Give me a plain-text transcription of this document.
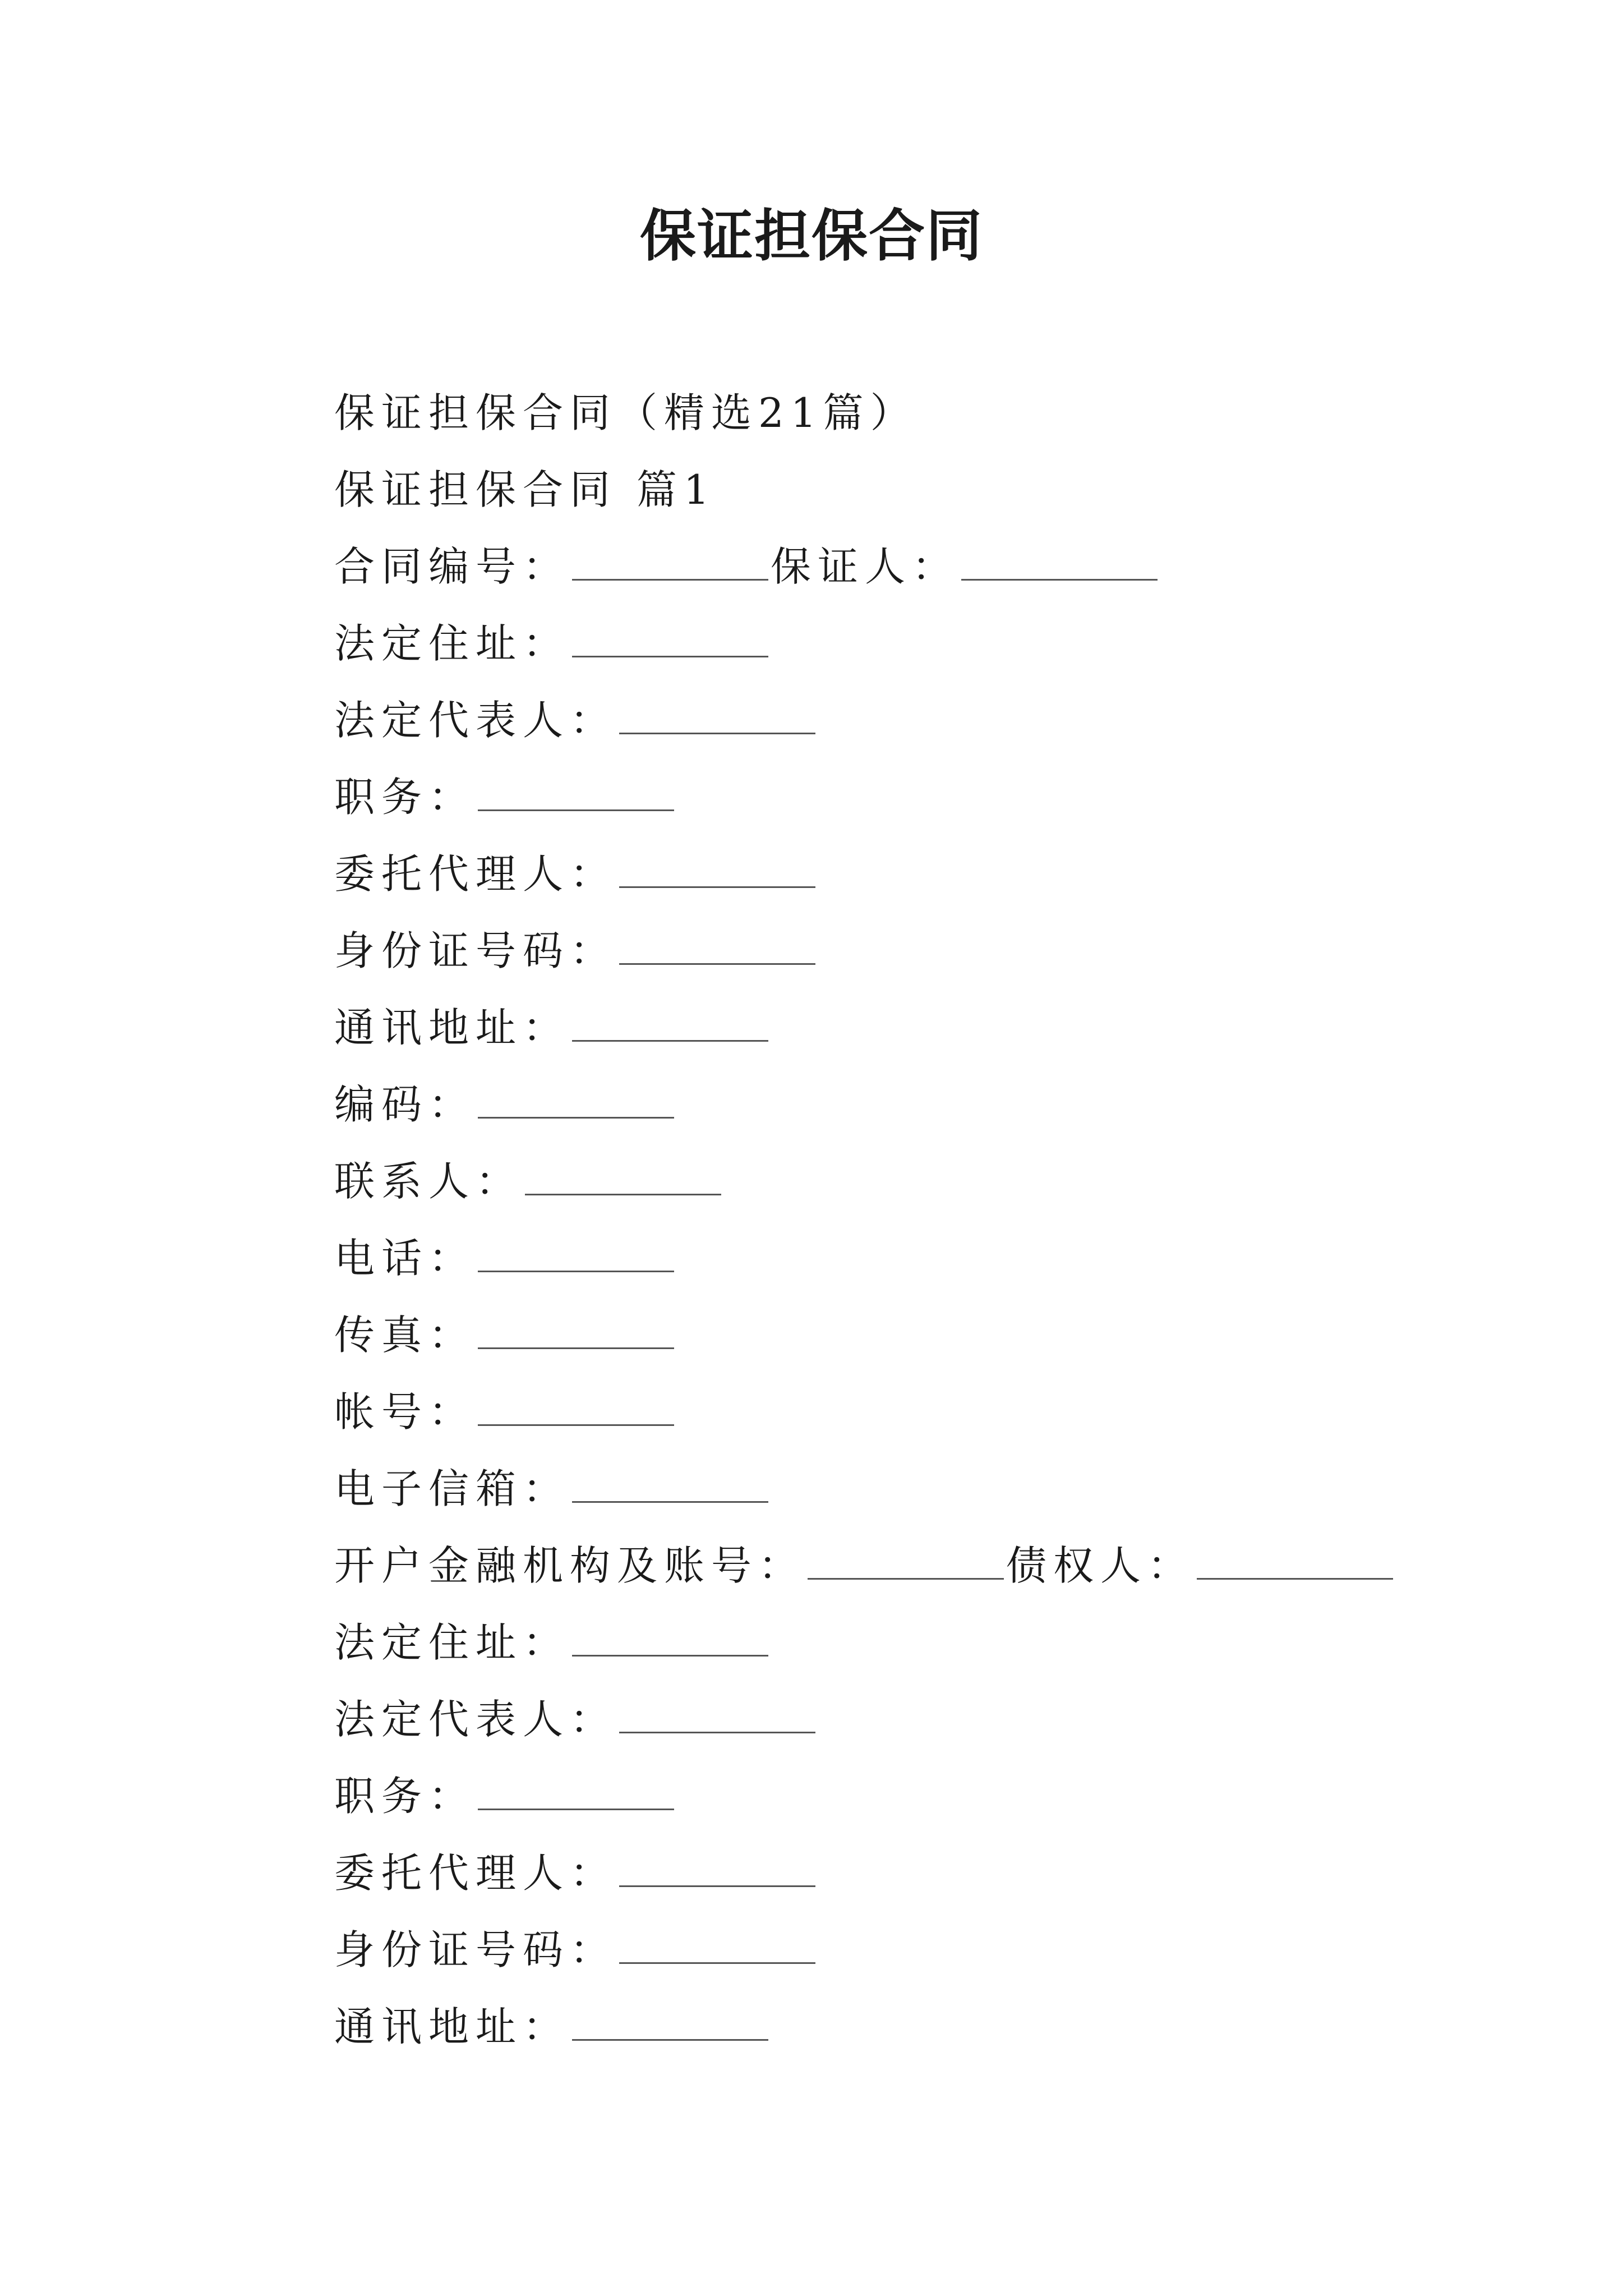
保证担保合同
保证担保合同（精选21篇）
保证担保合同 篇1
合同编号：	保证人：
法定住址：
法定代表人：
职务：
委托代理人：
身份证号码：
通讯地址：
编码：
联系人：
电话：
传真：
帐号：
电子信箱：
开户金融机构及账号：	债权人：
法定住址：
法定代表人：
职务：
委托代理人：
身份证号码：
通讯地址：
